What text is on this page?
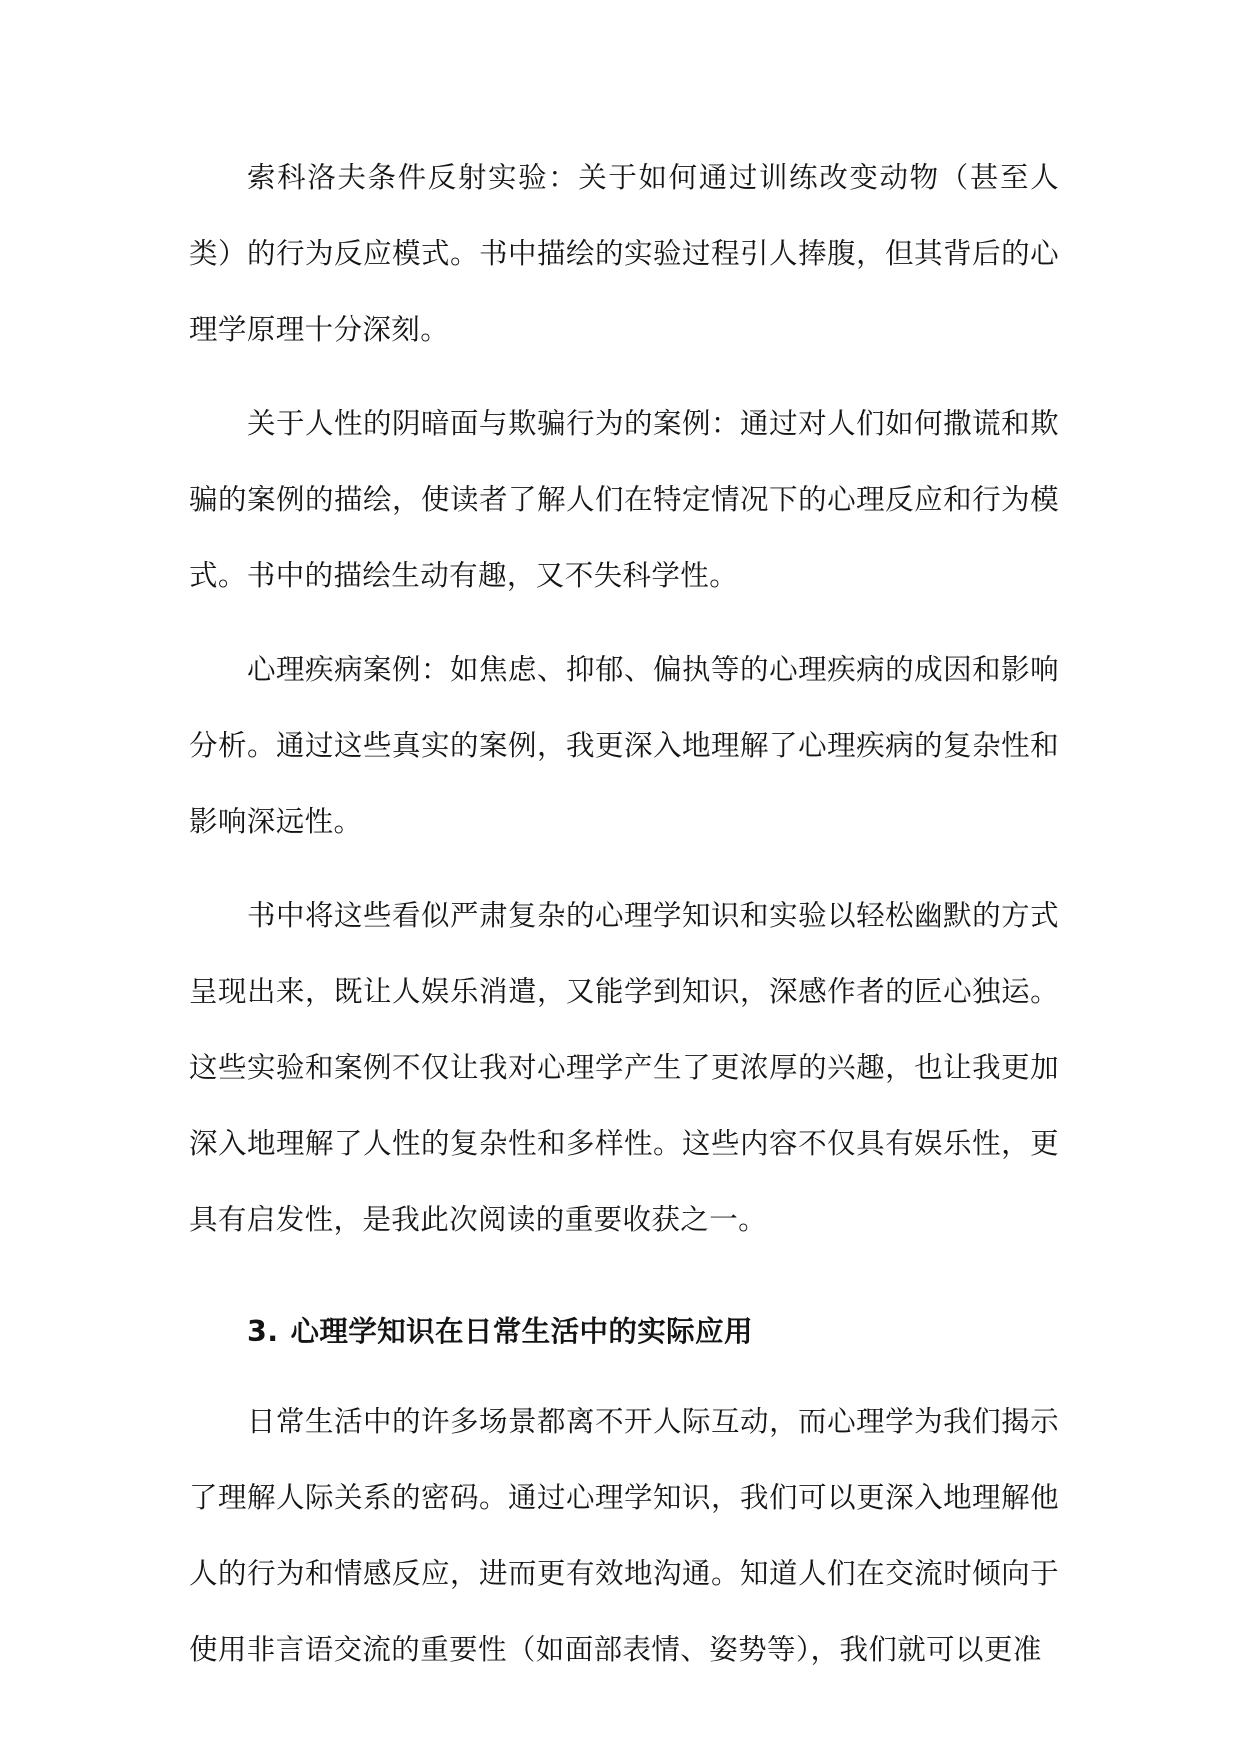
索科洛夫条件反射实验：关于如何通过训练改变动物（甚至人类）的行为反应模式。书中描绘的实验过程引人捧腹，但其背后的心理学原理十分深刻。

关于人性的阴暗面与欺骗行为的案例：通过对人们如何撒谎和欺骗的案例的描绘，使读者了解人们在特定情况下的心理反应和行为模式。书中的描绘生动有趣，又不失科学性。

心理疾病案例：如焦虑、抑郁、偏执等的心理疾病的成因和影响分析。通过这些真实的案例，我更深入地理解了心理疾病的复杂性和影响深远性。

书中将这些看似严肃复杂的心理学知识和实验以轻松幽默的方式呈现出来，既让人娱乐消遣，又能学到知识，深感作者的匠心独运。这些实验和案例不仅让我对心理学产生了更浓厚的兴趣，也让我更加深入地理解了人性的复杂性和多样性。这些内容不仅具有娱乐性，更具有启发性，是我此次阅读的重要收获之一。

3. 心理学知识在日常生活中的实际应用

日常生活中的许多场景都离不开人际互动，而心理学为我们揭示了理解人际关系的密码。通过心理学知识，我们可以更深入地理解他人的行为和情感反应，进而更有效地沟通。知道人们在交流时倾向于使用非言语交流的重要性（如面部表情、姿势等），我们就可以更准
